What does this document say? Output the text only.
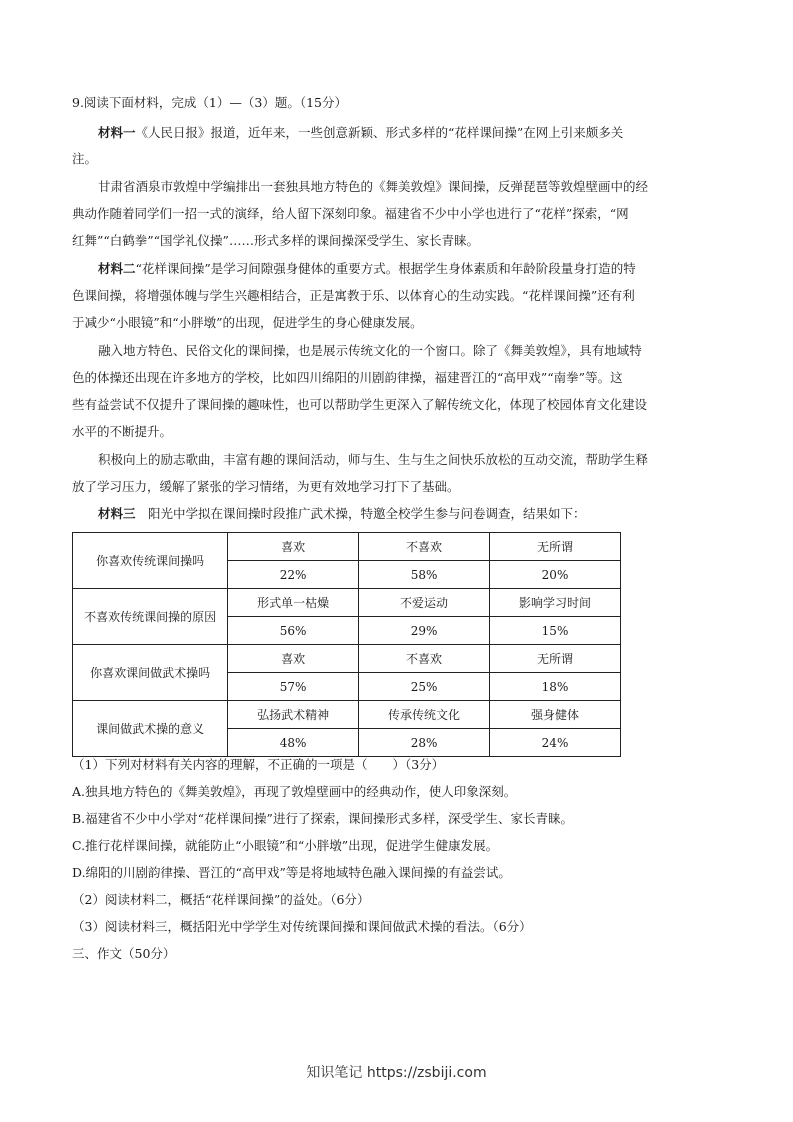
9.阅读下面材料，完成（1）—（3）题。（15分）
材料一《人民日报》报道，近年来，一些创意新颖、形式多样的“花样课间操”在网上引来颇多关
注。
甘肃省酒泉市敦煌中学编排出一套独具地方特色的《舞美敦煌》课间操，反弹琵琶等敦煌壁画中的经
典动作随着同学们一招一式的演绎，给人留下深刻印象。福建省不少中小学也进行了“花样”探索，“网
红舞”“白鹤拳”“国学礼仪操”……形式多样的课间操深受学生、家长青睐。
材料二“花样课间操”是学习间隙强身健体的重要方式。根据学生身体素质和年龄阶段量身打造的特
色课间操，将增强体魄与学生兴趣相结合，正是寓教于乐、以体育心的生动实践。“花样课间操”还有利
于减少“小眼镜”和“小胖墩”的出现，促进学生的身心健康发展。
融入地方特色、民俗文化的课间操，也是展示传统文化的一个窗口。除了《舞美敦煌》，具有地域特
色的体操还出现在许多地方的学校，比如四川绵阳的川剧韵律操，福建晋江的“高甲戏”“南拳”等。这
些有益尝试不仅提升了课间操的趣味性，也可以帮助学生更深入了解传统文化，体现了校园体育文化建设
水平的不断提升。
积极向上的励志歌曲，丰富有趣的课间活动，师与生、生与生之间快乐放松的互动交流，帮助学生释
放了学习压力，缓解了紧张的学习情绪，为更有效地学习打下了基础。
材料三　 阳光中学拟在课间操时段推广武术操，特邀全校学生参与问卷调查，结果如下：
你喜欢传统课间操吗	喜欢	不喜欢	无所谓
	22%	58%	20%
不喜欢传统课间操的原因	形式单一枯燥	不爱运动	影响学习时间
	56%	29%	15%
你喜欢课间做武术操吗	喜欢	不喜欢	无所谓
	57%	25%	18%
课间做武术操的意义	弘扬武术精神	传承传统文化	强身健体
	48%	28%	24%
（1）下列对材料有关内容的理解，不正确的一项是（　　）（3分）
A.独具地方特色的《舞美敦煌》，再现了敦煌壁画中的经典动作，使人印象深刻。
B.福建省不少中小学对“花样课间操”进行了探索，课间操形式多样，深受学生、家长青睐。
C.推行花样课间操，就能防止“小眼镜”和“小胖墩”出现，促进学生健康发展。
D.绵阳的川剧韵律操、晋江的“高甲戏”等是将地域特色融入课间操的有益尝试。
（2）阅读材料二，概括“花样课间操”的益处。（6分）
（3）阅读材料三，概括阳光中学学生对传统课间操和课间做武术操的看法。（6分）
三、作文（50分）
知识笔记 https://zsbiji.com
